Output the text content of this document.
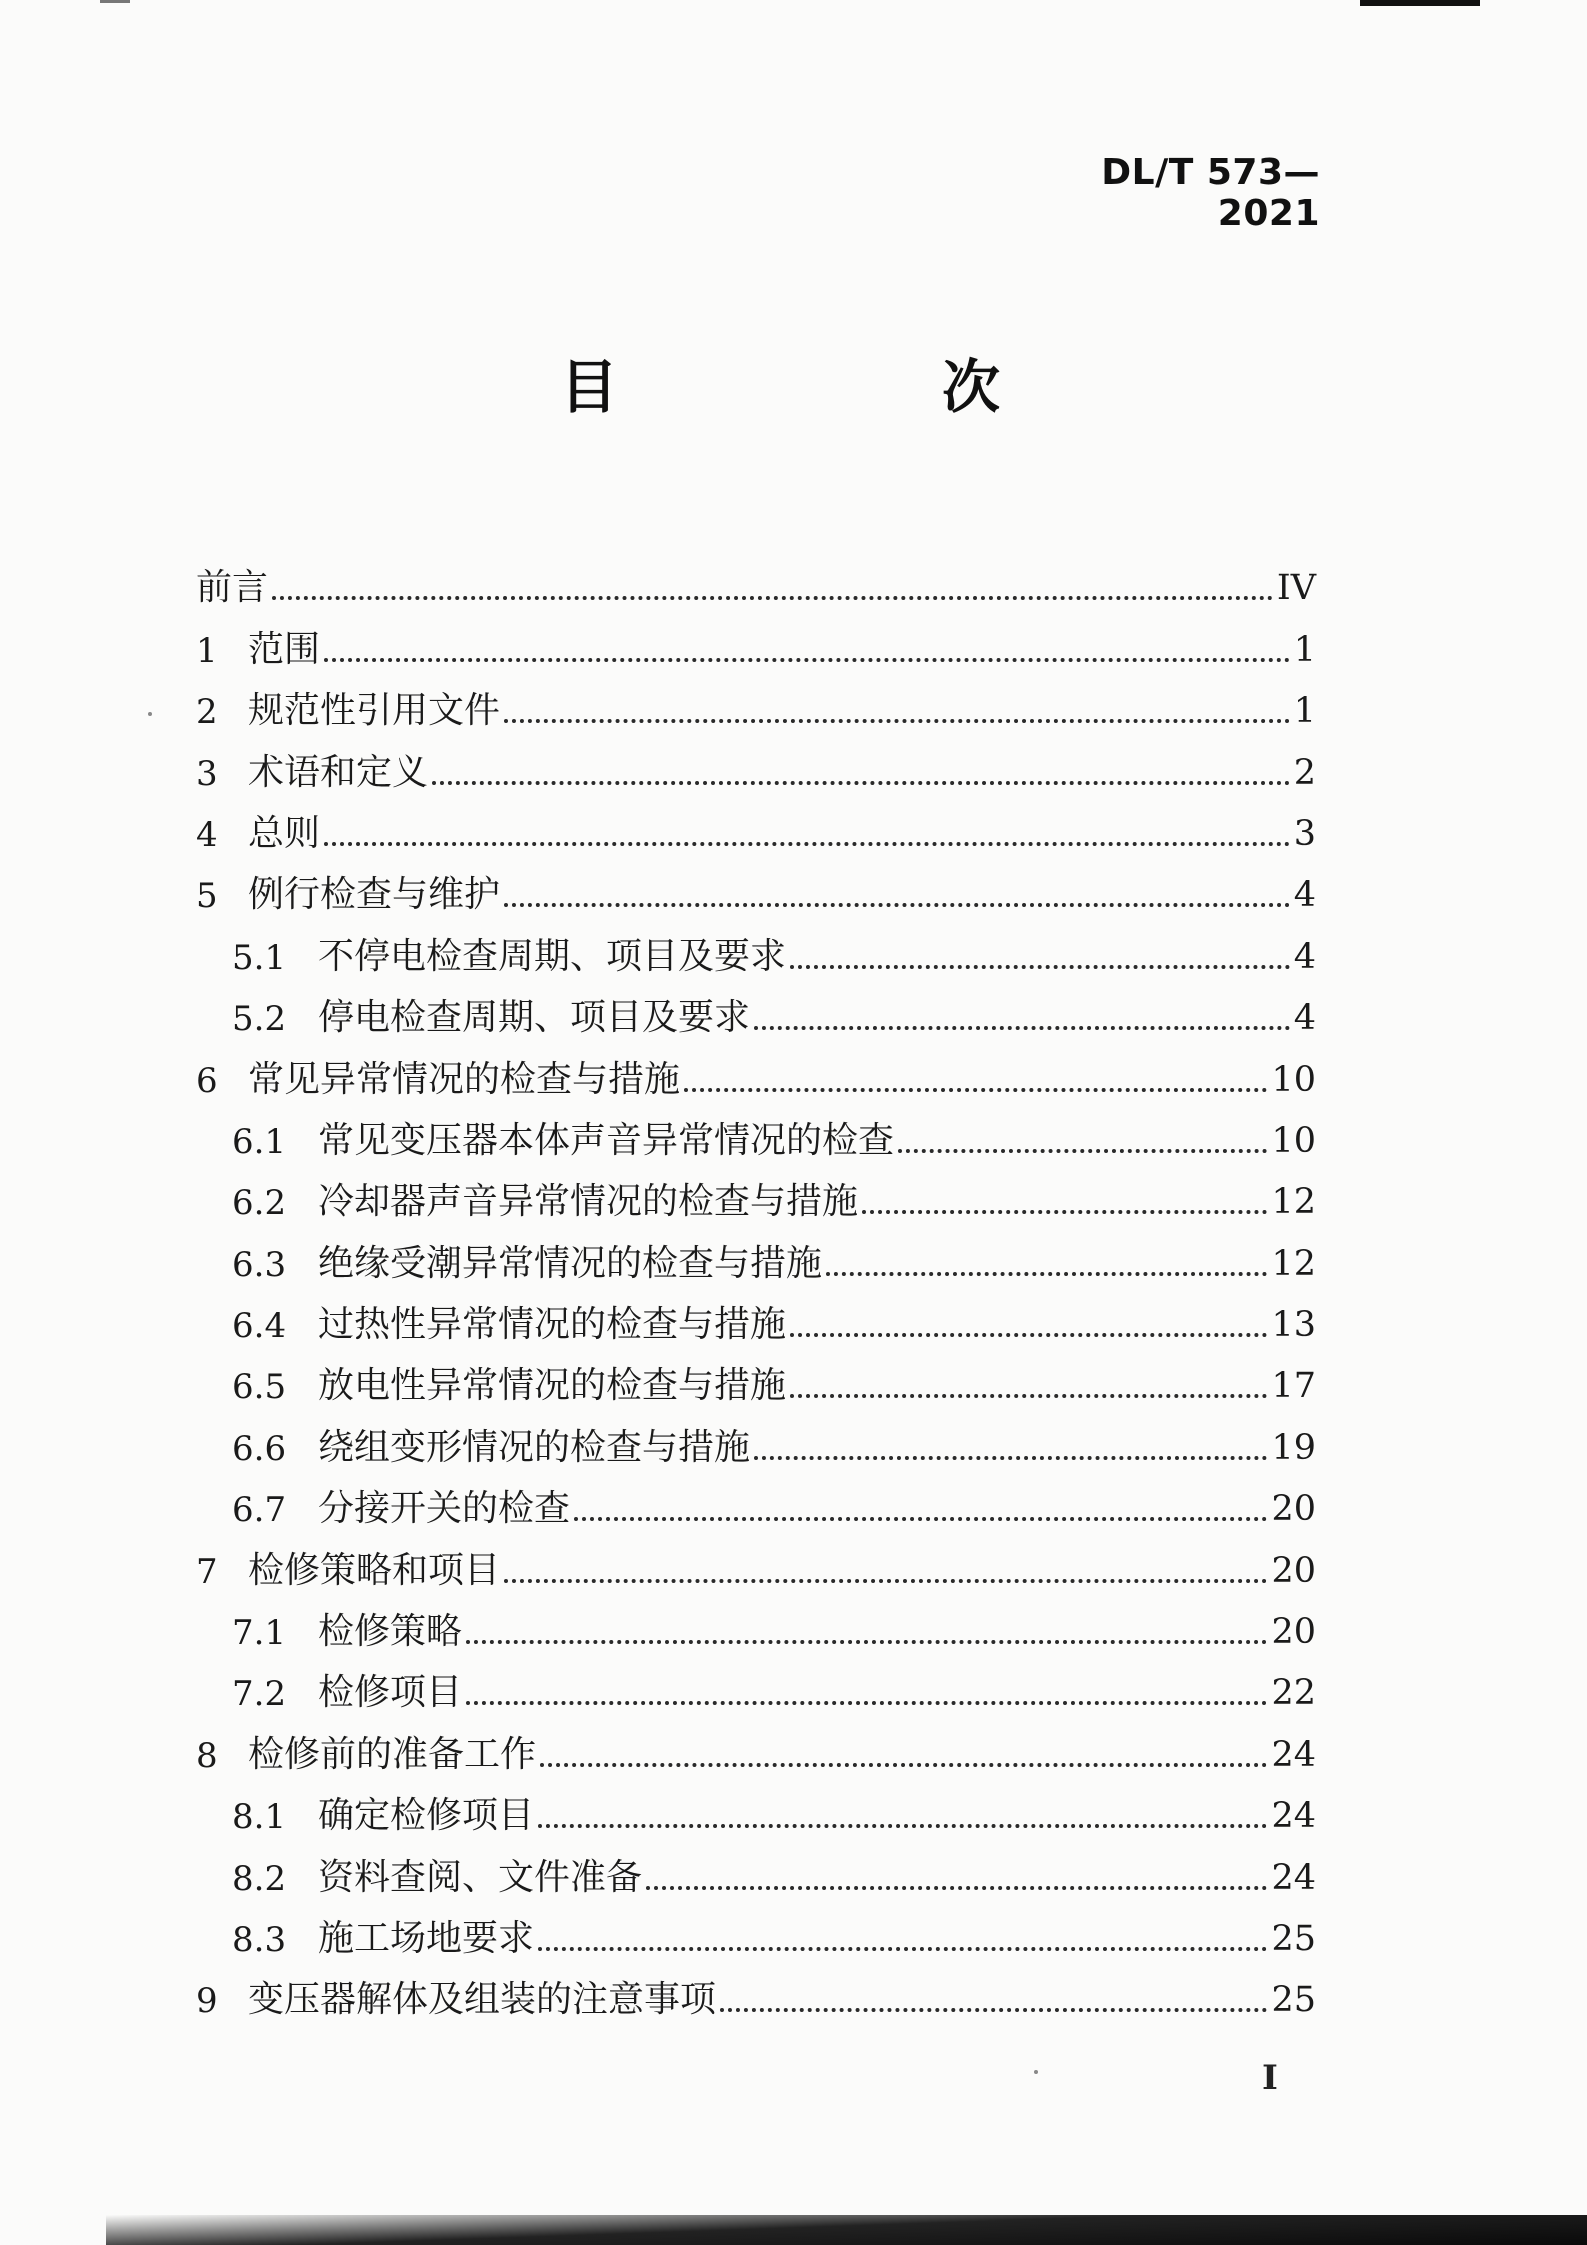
DL/T 573—2021
目	次
前言	IV
1 范围	1
2 规范性引用文件	1
3 术语和定义	2
4 总则	3
5 例行检查与维护	4
5.1 不停电检查周期、项目及要求	4
5.2 停电检查周期、项目及要求	4
6 常见异常情况的检查与措施	10
6.1 常见变压器本体声音异常情况的检查	10
6.2 冷却器声音异常情况的检查与措施	12
6.3 绝缘受潮异常情况的检查与措施	12
6.4 过热性异常情况的检查与措施	13
6.5 放电性异常情况的检查与措施	17
6.6 绕组变形情况的检查与措施	19
6.7 分接开关的检查	20
7 检修策略和项目	20
7.1 检修策略	20
7.2 检修项目	22
8 检修前的准备工作	24
8.1 确定检修项目	24
8.2 资料查阅、文件准备	24
8.3 施工场地要求	25
9 变压器解体及组装的注意事项	25
I
